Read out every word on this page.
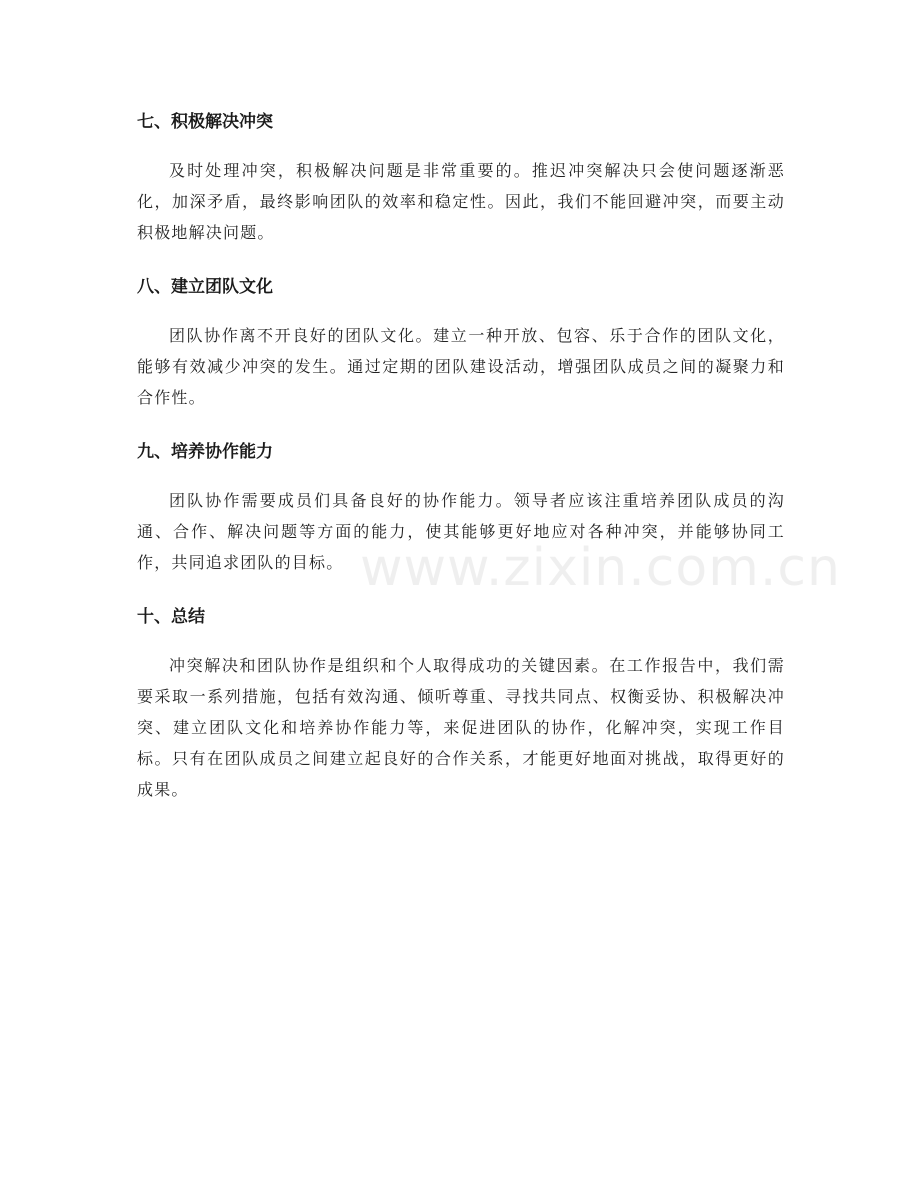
七、积极解决冲突

及时处理冲突，积极解决问题是非常重要的。推迟冲突解决只会使问题逐渐恶化，加深矛盾，最终影响团队的效率和稳定性。因此，我们不能回避冲突，而要主动积极地解决问题。

八、建立团队文化

团队协作离不开良好的团队文化。建立一种开放、包容、乐于合作的团队文化，能够有效减少冲突的发生。通过定期的团队建设活动，增强团队成员之间的凝聚力和合作性。

九、培养协作能力

团队协作需要成员们具备良好的协作能力。领导者应该注重培养团队成员的沟通、合作、解决问题等方面的能力，使其能够更好地应对各种冲突，并能够协同工作，共同追求团队的目标。

十、总结

冲突解决和团队协作是组织和个人取得成功的关键因素。在工作报告中，我们需要采取一系列措施，包括有效沟通、倾听尊重、寻找共同点、权衡妥协、积极解决冲突、建立团队文化和培养协作能力等，来促进团队的协作，化解冲突，实现工作目标。只有在团队成员之间建立起良好的合作关系，才能更好地面对挑战，取得更好的成果。

www.zixin.com.cn
